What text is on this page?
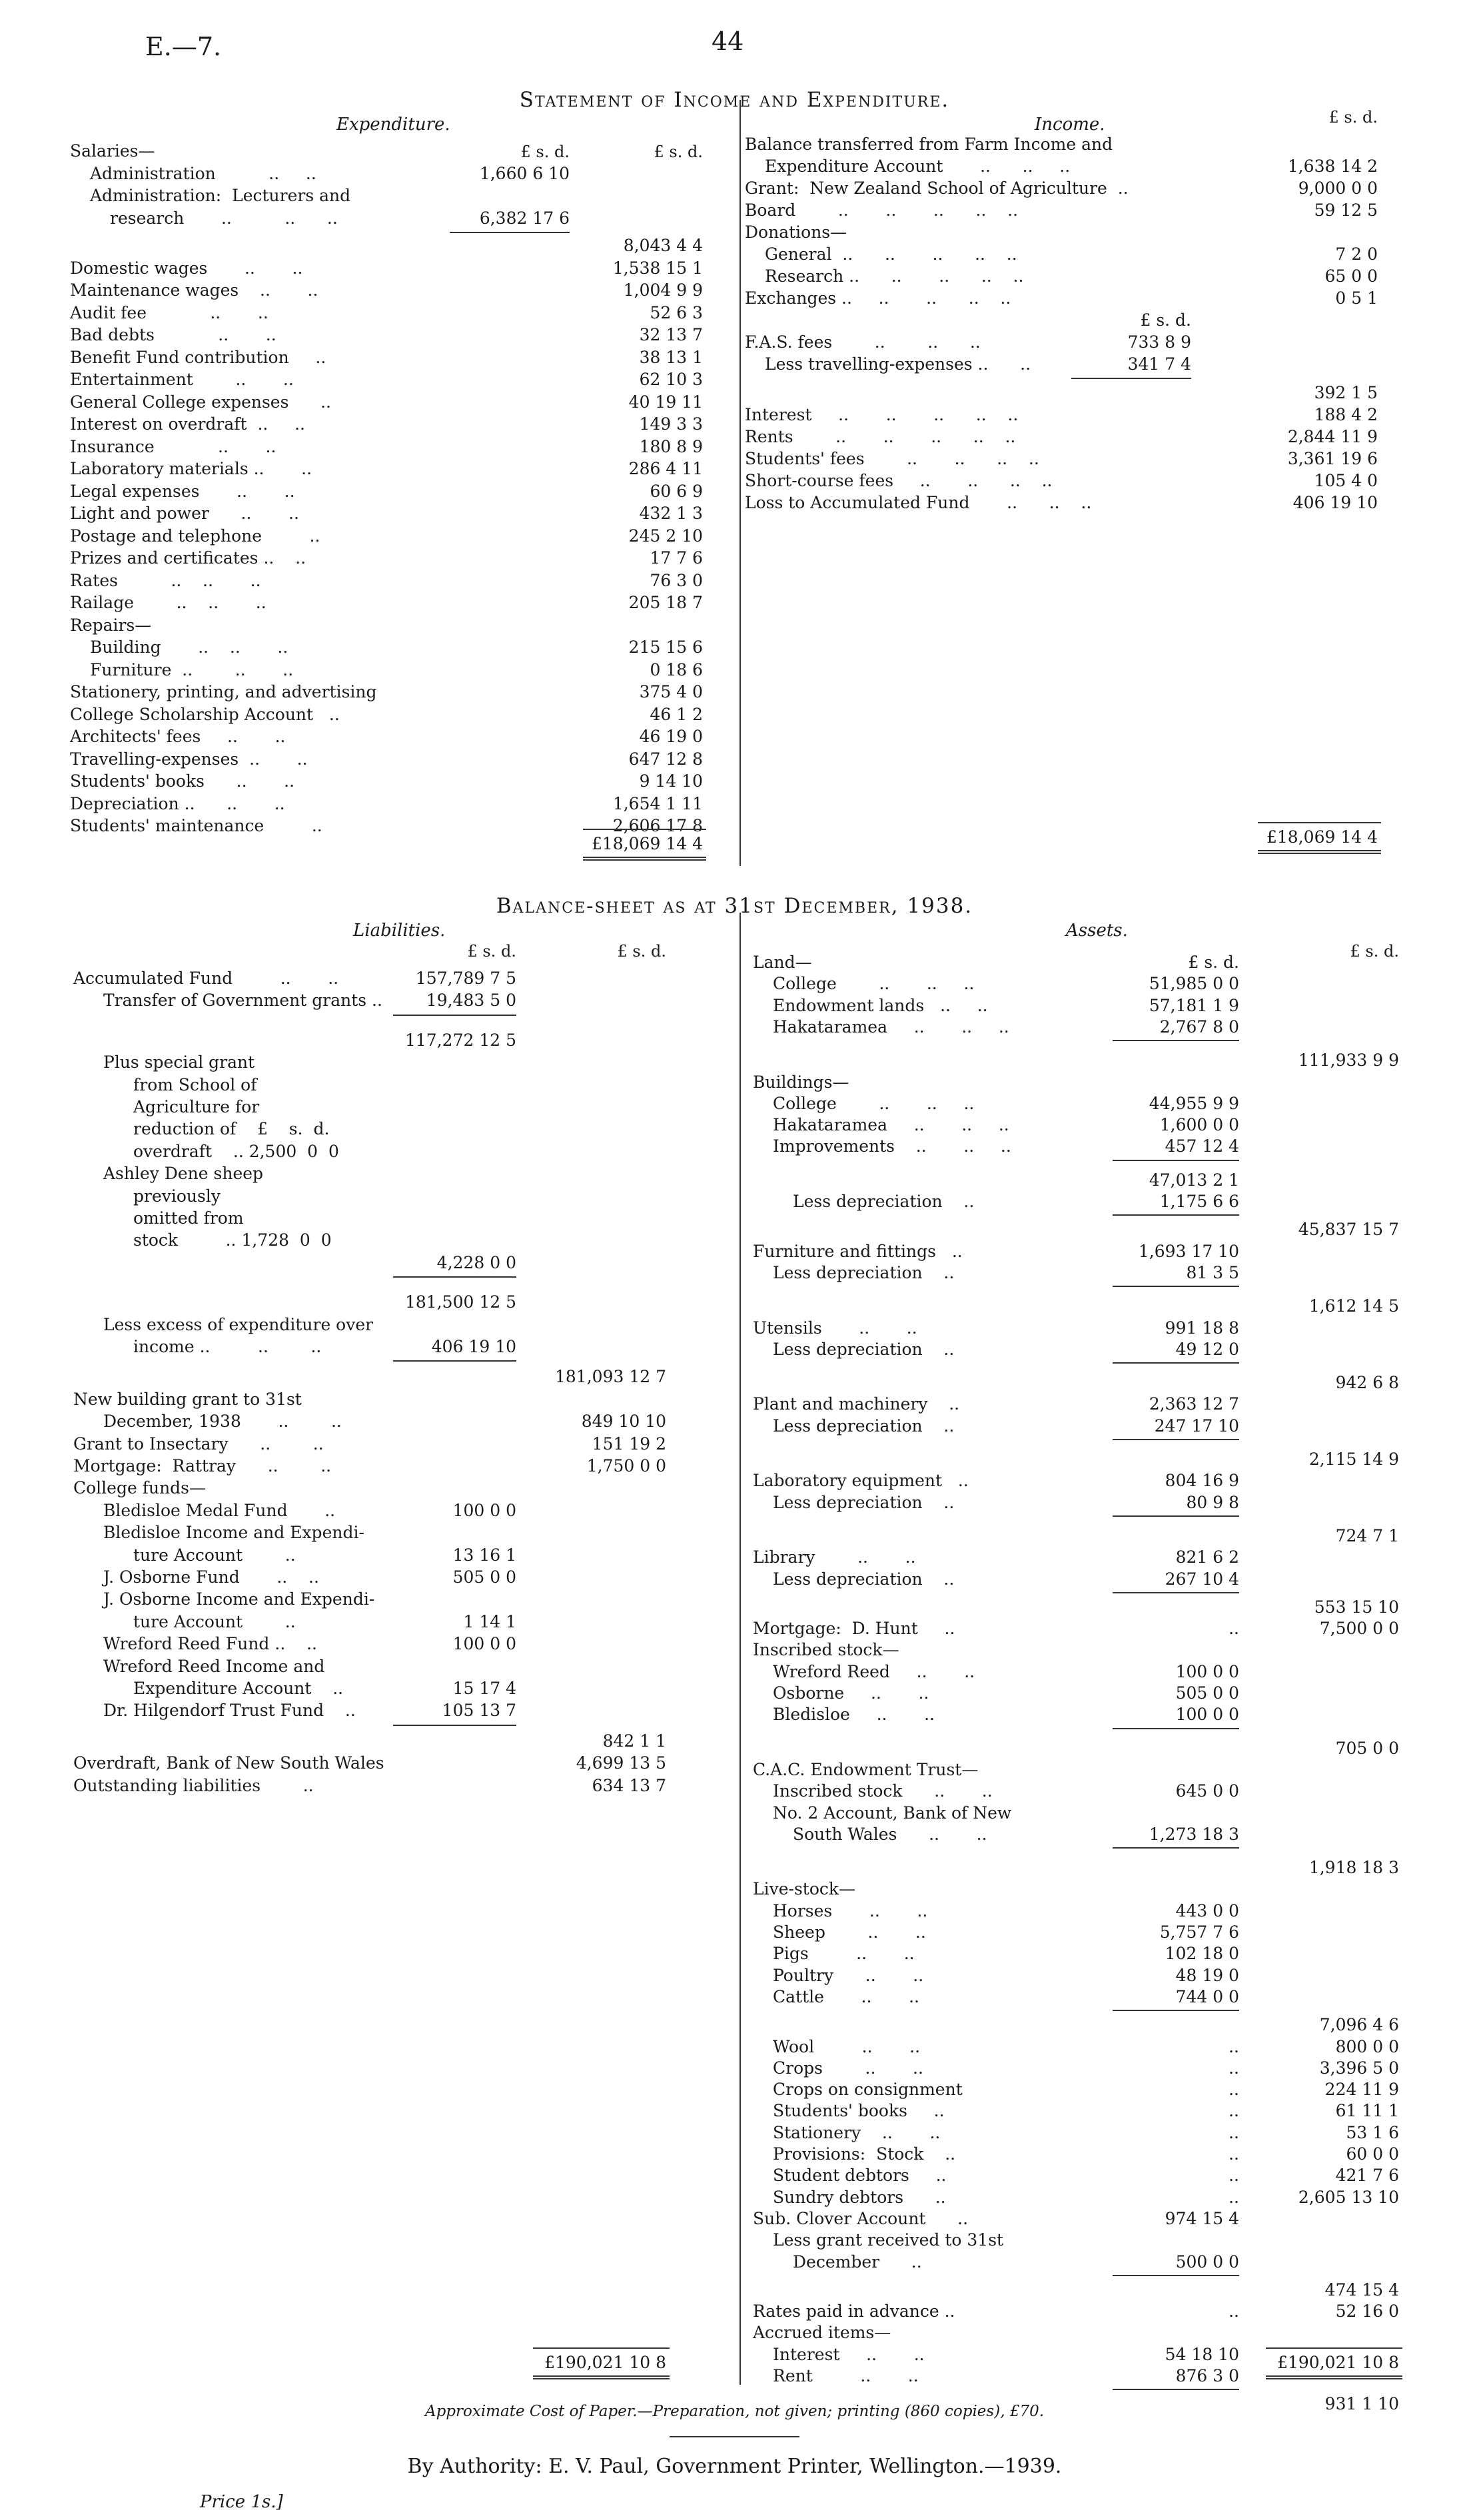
E.—7.	44
Statement of Income and Expenditure.
Expenditure.
£ s. d.	£ s. d.
Salaries—
Administration          ..     ..	1,660 6 10
Administration:  Lecturers and
research       ..          ..      ..	6,382 17 6
8,043 4 4
Domestic wages       ..       ..	1,538 15 1
Maintenance wages    ..       ..	1,004 9 9
Audit fee            ..       ..	52 6 3
Bad debts            ..       ..	32 13 7
Benefit Fund contribution     ..	38 13 1
Entertainment        ..       ..	62 10 3
General College expenses      ..	40 19 11
Interest on overdraft  ..     ..	149 3 3
Insurance            ..       ..	180 8 9
Laboratory materials ..       ..	286 4 11
Legal expenses       ..       ..	60 6 9
Light and power      ..       ..	432 1 3
Postage and telephone         ..	245 2 10
Prizes and certificates ..    ..	17 7 6
Rates          ..    ..       ..	76 3 0
Railage        ..    ..       ..	205 18 7
Repairs—
Building       ..    ..       ..	215 15 6
Furniture  ..        ..       ..	0 18 6
Stationery, printing, and advertising	375 4 0
College Scholarship Account   ..	46 1 2
Architects' fees     ..       ..	46 19 0
Travelling-expenses  ..       ..	647 12 8
Students' books      ..       ..	9 14 10
Depreciation ..      ..       ..	1,654 1 11
Students' maintenance         ..	2,606 17 8
£18,069 14 4
Income.	£ s. d.
Balance transferred from Farm Income and
Expenditure Account       ..      ..     ..	1,638 14 2
Grant:  New Zealand School of Agriculture  ..	9,000 0 0
Board        ..       ..       ..      ..    ..	59 12 5
Donations—
General  ..      ..       ..      ..    ..	7 2 0
Research ..      ..       ..      ..    ..	65 0 0
Exchanges ..     ..       ..      ..    ..	0 5 1
£ s. d.
F.A.S. fees        ..        ..      ..	733 8 9
Less travelling-expenses ..      ..	341 7 4
392 1 5
Interest     ..       ..       ..      ..    ..	188 4 2
Rents        ..       ..       ..      ..    ..	2,844 11 9
Students' fees        ..       ..      ..    ..	3,361 19 6
Short-course fees     ..       ..      ..    ..	105 4 0
Loss to Accumulated Fund       ..      ..    ..	406 19 10
£18,069 14 4
Balance-sheet as at 31st December, 1938.
Liabilities.
£ s. d.	£ s. d.
Accumulated Fund         ..       ..	157,789 7 5
Transfer of Government grants ..	19,483 5 0
117,272 12 5
Plus special grant
from School of
Agriculture for
reduction of    £    s.  d.
overdraft    .. 2,500  0  0
Ashley Dene sheep
previously
omitted from
stock         .. 1,728  0  0
4,228 0 0
181,500 12 5
Less excess of expenditure over
income ..         ..        ..	406 19 10
181,093 12 7
New building grant to 31st
December, 1938       ..        ..	849 10 10
Grant to Insectary      ..        ..	151 19 2
Mortgage:  Rattray      ..        ..	1,750 0 0
College funds—
Bledisloe Medal Fund       ..	100 0 0
Bledisloe Income and Expendi-
ture Account        ..	13 16 1
J. Osborne Fund       ..    ..	505 0 0
J. Osborne Income and Expendi-
ture Account        ..	1 14 1
Wreford Reed Fund ..    ..	100 0 0
Wreford Reed Income and
Expenditure Account    ..	15 17 4
Dr. Hilgendorf Trust Fund    ..	105 13 7
842 1 1
Overdraft, Bank of New South Wales	4,699 13 5
Outstanding liabilities        ..	634 13 7
£190,021 10 8
Assets.
£ s. d.
Land—	£ s. d.
College        ..       ..     ..	51,985 0 0
Endowment lands   ..     ..	57,181 1 9
Hakataramea     ..       ..     ..	2,767 8 0
111,933 9 9
Buildings—
College        ..       ..     ..	44,955 9 9
Hakataramea     ..       ..     ..	1,600 0 0
Improvements    ..       ..     ..	457 12 4
47,013 2 1
Less depreciation    ..	1,175 6 6
45,837 15 7
Furniture and fittings   ..	1,693 17 10
Less depreciation    ..	81 3 5
1,612 14 5
Utensils       ..       ..	991 18 8
Less depreciation    ..	49 12 0
942 6 8
Plant and machinery    ..	2,363 12 7
Less depreciation    ..	247 17 10
2,115 14 9
Laboratory equipment   ..	804 16 9
Less depreciation    ..	80 9 8
724 7 1
Library        ..       ..	821 6 2
Less depreciation    ..	267 10 4
553 15 10
Mortgage:  D. Hunt     ..	..	7,500 0 0
Inscribed stock—
Wreford Reed     ..       ..	100 0 0
Osborne     ..       ..	505 0 0
Bledisloe     ..       ..	100 0 0
705 0 0
C.A.C. Endowment Trust—
Inscribed stock      ..       ..	645 0 0
No. 2 Account, Bank of New
South Wales      ..       ..	1,273 18 3
1,918 18 3
Live-stock—
Horses       ..       ..	443 0 0
Sheep        ..       ..	5,757 7 6
Pigs         ..       ..	102 18 0
Poultry      ..       ..	48 19 0
Cattle       ..       ..	744 0 0
7,096 4 6
Wool         ..       ..	..	800 0 0
Crops        ..       ..	..	3,396 5 0
Crops on consignment	..	224 11 9
Students' books     ..	..	61 11 1
Stationery    ..       ..	..	53 1 6
Provisions:  Stock    ..	..	60 0 0
Student debtors     ..	..	421 7 6
Sundry debtors      ..	..	2,605 13 10
Sub. Clover Account      ..	974 15 4
Less grant received to 31st
December      ..	500 0 0
474 15 4
Rates paid in advance ..	..	52 16 0
Accrued items—
Interest     ..       ..	54 18 10
Rent         ..       ..	876 3 0
931 1 10
£190,021 10 8
Approximate Cost of Paper.—Preparation, not given; printing (860 copies), £70.
By Authority: E. V. Paul, Government Printer, Wellington.—1939.
Price 1s.]
